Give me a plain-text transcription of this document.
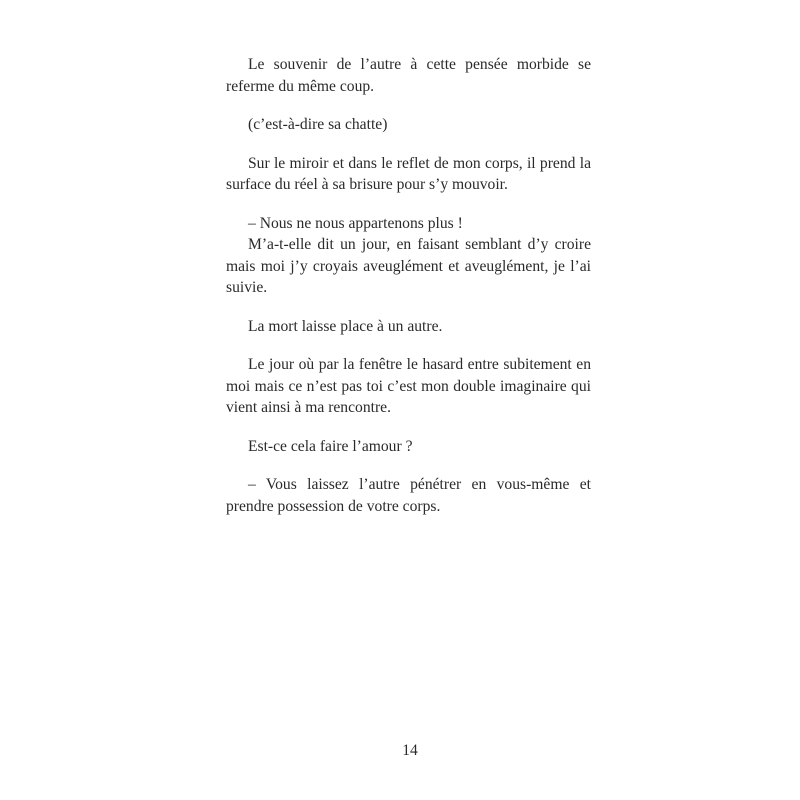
Le souvenir de l’autre à cette pensée morbide se referme du même coup.

(c’est-à-dire sa chatte)

Sur le miroir et dans le reflet de mon corps, il prend la surface du réel à sa brisure pour s’y mouvoir.

– Nous ne nous appartenons plus !

M’a-t-elle dit un jour, en faisant semblant d’y croire mais moi j’y croyais aveuglément et aveuglément, je l’ai suivie.

La mort laisse place à un autre.

Le jour où par la fenêtre le hasard entre subitement en moi mais ce n’est pas toi c’est mon double imaginaire qui vient ainsi à ma rencontre.

Est-ce cela faire l’amour ?

– Vous laissez l’autre pénétrer en vous-même et prendre possession de votre corps.

14
